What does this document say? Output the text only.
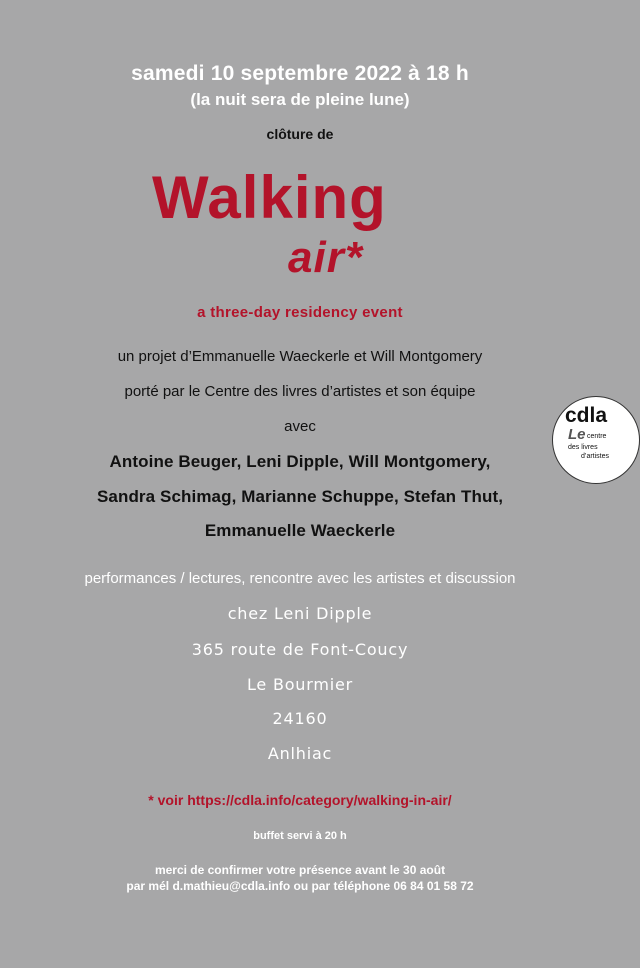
samedi 10 septembre 2022 à 18 h

(la nuit sera de pleine lune)

clôture de

Walking

air*

a three-day residency event

un projet d’Emmanuelle Waeckerle et Will Montgomery

porté par le Centre des livres d’artistes et son équipe

avec

Antoine Beuger, Leni Dipple, Will Montgomery,

Sandra Schimag, Marianne Schuppe, Stefan Thut,

Emmanuelle Waeckerle

performances / lectures, rencontre avec les artistes et discussion

chez Leni Dipple

365 route de Font-Coucy

Le Bourmier

24160

Anlhiac

* voir https://cdla.info/category/walking-in-air/

buffet servi à 20 h

merci de confirmer votre présence avant le 30 août

par mél d.mathieu@cdla.info ou par téléphone 06 84 01 58 72

cdla

Le centre

des livres

d’artistes
